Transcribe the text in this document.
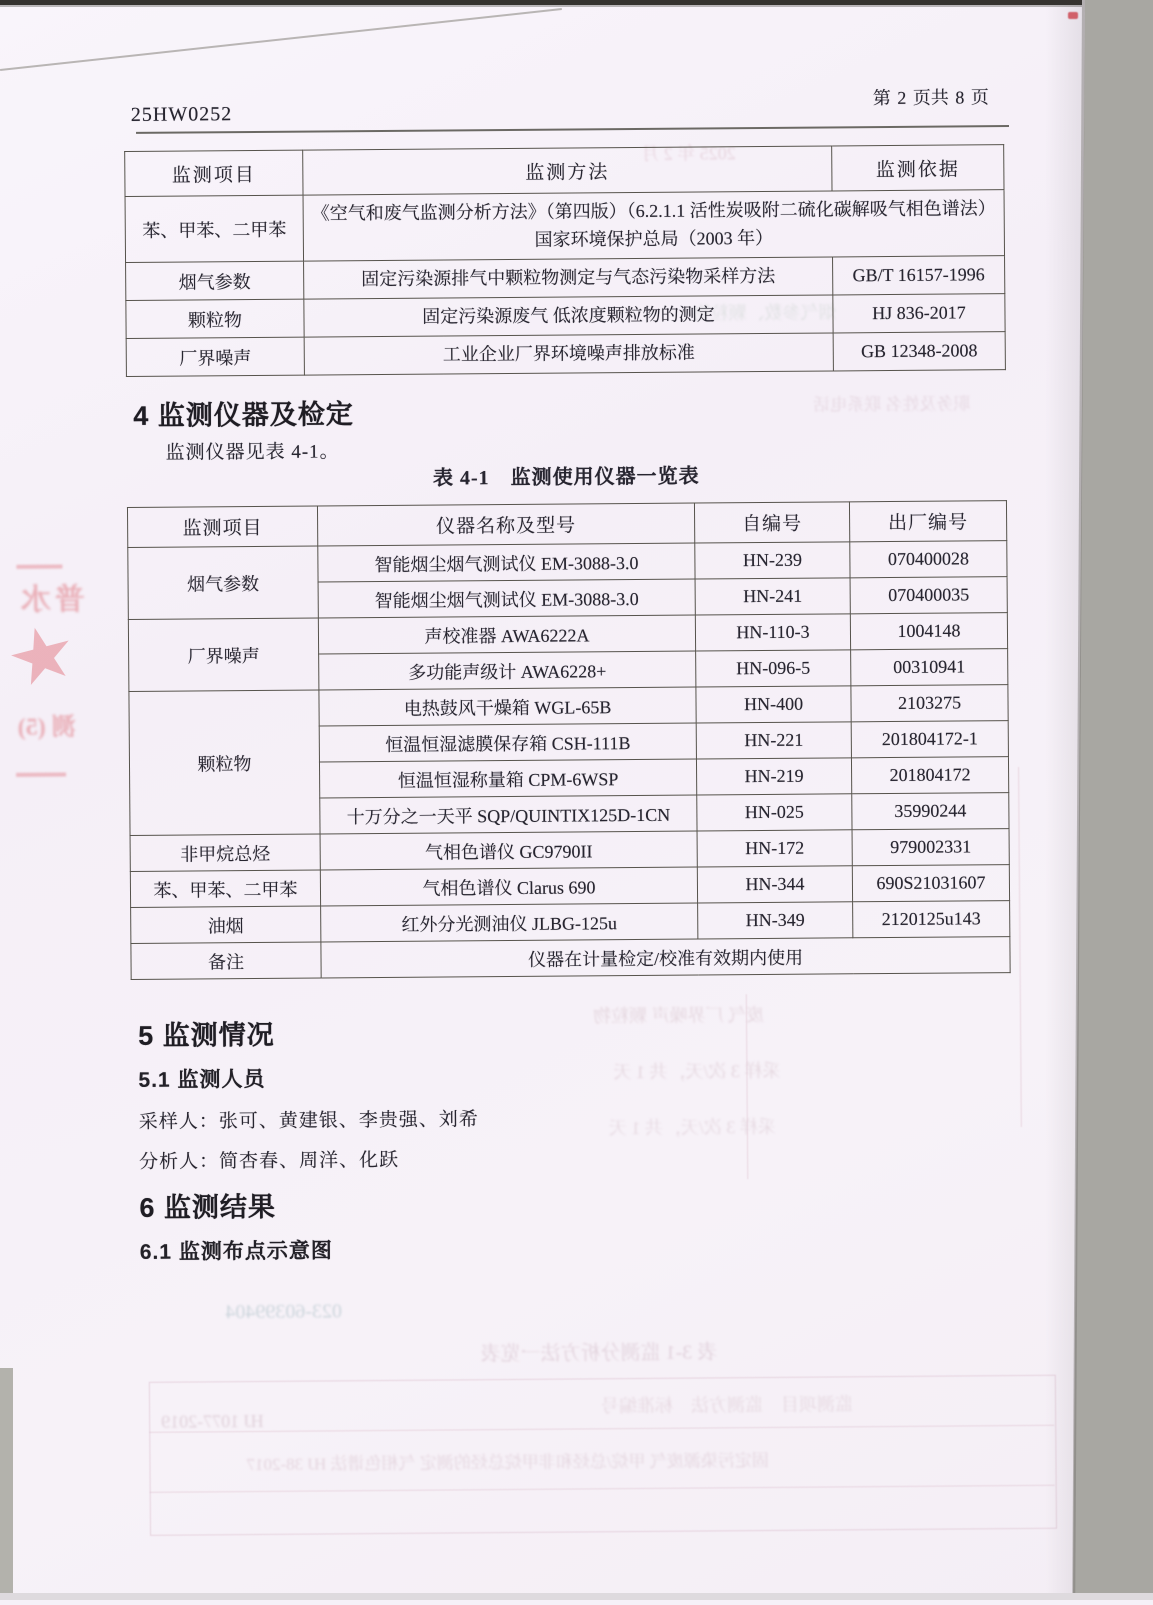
2025 年 2 月
烟气参数、颗粒物
职务及姓名 联系电话
废气 厂界噪声 颗粒物
采样 3 次/天，共 1 天
采样 3 次/天，共 1 天
023-60399404
表 3-1 监测分析方法一览表
监测项目　监测方法　标准编号
HJ 1077-2019
固定污染源废气 甲烷/总烃和非甲烷总烃的测定 气相色谱法 HJ 38-2017
普水
测 (5)
25HW0252
第 2 页共 8 页
监测项目	监测方法	监测依据
苯、甲苯、二甲苯	《空气和废气监测分析方法》（第四版）（6.2.1.1 活性炭吸附二硫化碳解吸气相色谱法）国家环境保护总局（2003 年）	
烟气参数	固定污染源排气中颗粒物测定与气态污染物采样方法	GB/T 16157-1996
颗粒物	固定污染源废气 低浓度颗粒物的测定	HJ 836-2017
厂界噪声	工业企业厂界环境噪声排放标准	GB 12348-2008
4 监测仪器及检定
监测仪器见表 4-1。
表 4-1　监测使用仪器一览表
监测项目	仪器名称及型号	自编号	出厂编号
烟气参数	智能烟尘烟气测试仪 EM-3088-3.0	HN-239	070400028
	智能烟尘烟气测试仪 EM-3088-3.0	HN-241	070400035
厂界噪声	声校准器 AWA6222A	HN-110-3	1004148
	多功能声级计 AWA6228+	HN-096-5	00310941
颗粒物	电热鼓风干燥箱 WGL-65B	HN-400	2103275
	恒温恒湿滤膜保存箱 CSH-111B	HN-221	201804172-1
	恒温恒湿称量箱 CPM-6WSP	HN-219	201804172
	十万分之一天平 SQP/QUINTIX125D-1CN	HN-025	35990244
非甲烷总烃	气相色谱仪 GC9790II	HN-172	979002331
苯、甲苯、二甲苯	气相色谱仪 Clarus 690	HN-344	690S21031607
油烟	红外分光测油仪 JLBG-125u	HN-349	2120125u143
备注	仪器在计量检定/校准有效期内使用		
5 监测情况
5.1 监测人员
采样人：张可、黄建银、李贵强、刘希
分析人：简杏春、周洋、化跃
6 监测结果
6.1 监测布点示意图
